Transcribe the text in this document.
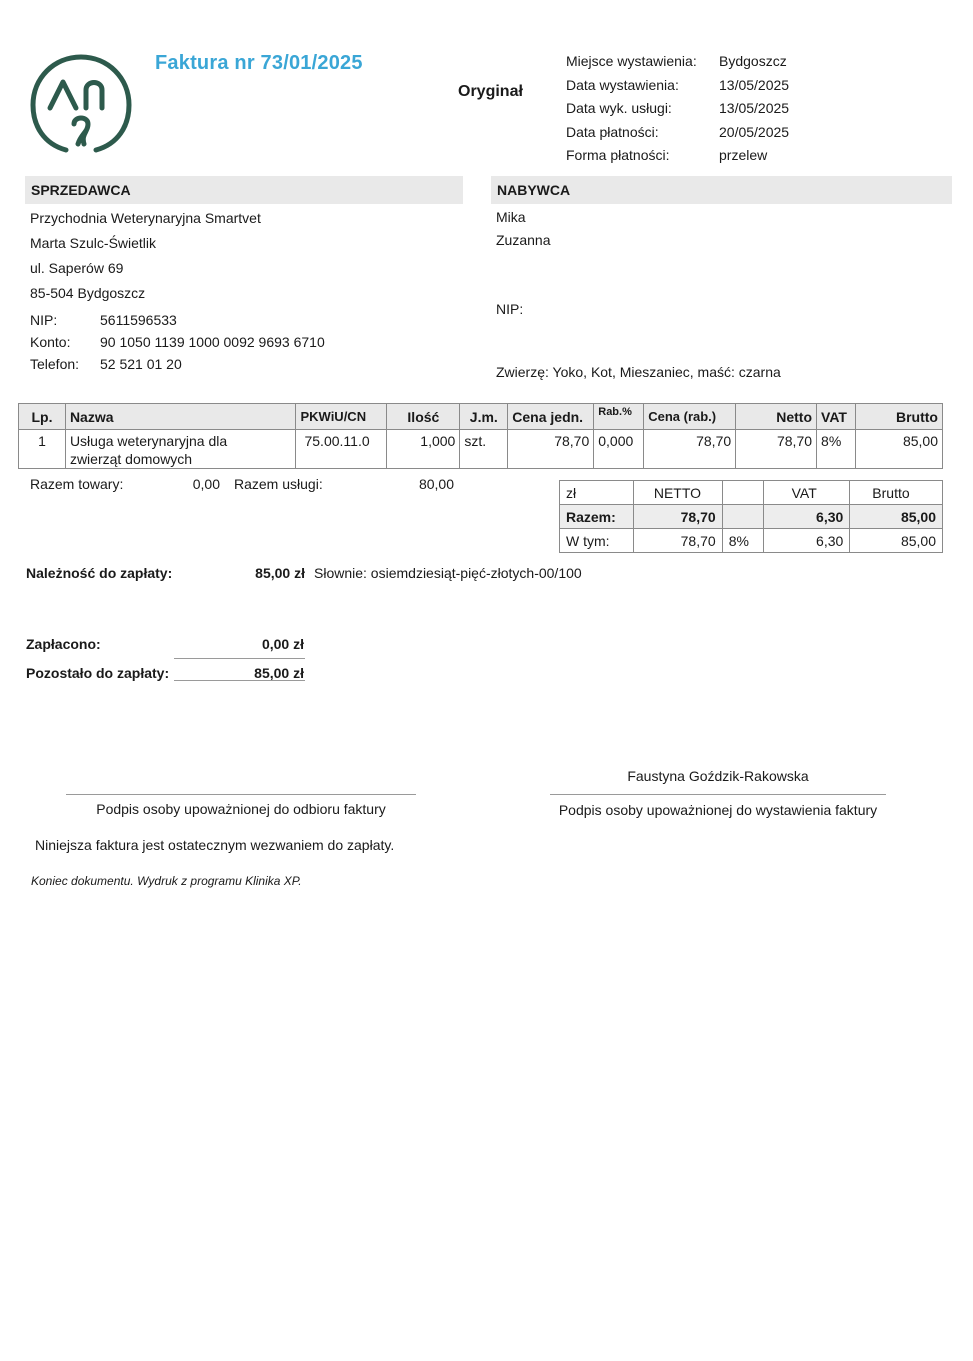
Faktura nr 73/01/2025
Oryginał
Miejsce wystawienia:	Bydgoszcz
Data wystawienia:	13/05/2025
Data wyk. usługi:	13/05/2025
Data płatności:	20/05/2025
Forma płatności:	przelew
SPRZEDAWCA	NABYWCA
Przychodnia Weterynaryjna Smartvet
Marta Szulc-Świetlik
ul. Saperów 69
85-504 Bydgoszcz
NIP:	5611596533
Konto:	90 1050 1139 1000 0092 9693 6710
Telefon:	52 521 01 20
Mika
Zuzanna
NIP:
Zwierzę: Yoko, Kot, Mieszaniec, maść: czarna
Lp.	Nazwa	PKWiU/CN	Ilość	J.m.	Cena jedn.	Rab.%	Cena (rab.)	Netto	VAT	Brutto
1	Usługa weterynaryjna dla
zwierząt domowych	75.00.11.0	1,000	szt.	78,70	0,000	78,70	78,70	8%	85,00
Razem towary:	0,00	Razem usługi:	80,00
zł	NETTO		VAT	Brutto
Razem:	78,70		6,30	85,00
W tym:	78,70	8%	6,30	85,00
Należność do zapłaty:	85,00 zł Słownie: osiemdziesiąt-pięć-złotych-00/100
Zapłacono:	0,00 zł
Pozostało do zapłaty:	85,00 zł
Faustyna Goździk-Rakowska
Podpis osoby upoważnionej do odbioru faktury	Podpis osoby upoważnionej do wystawienia faktury
Niniejsza faktura jest ostatecznym wezwaniem do zapłaty.
Koniec dokumentu. Wydruk z programu Klinika XP.
